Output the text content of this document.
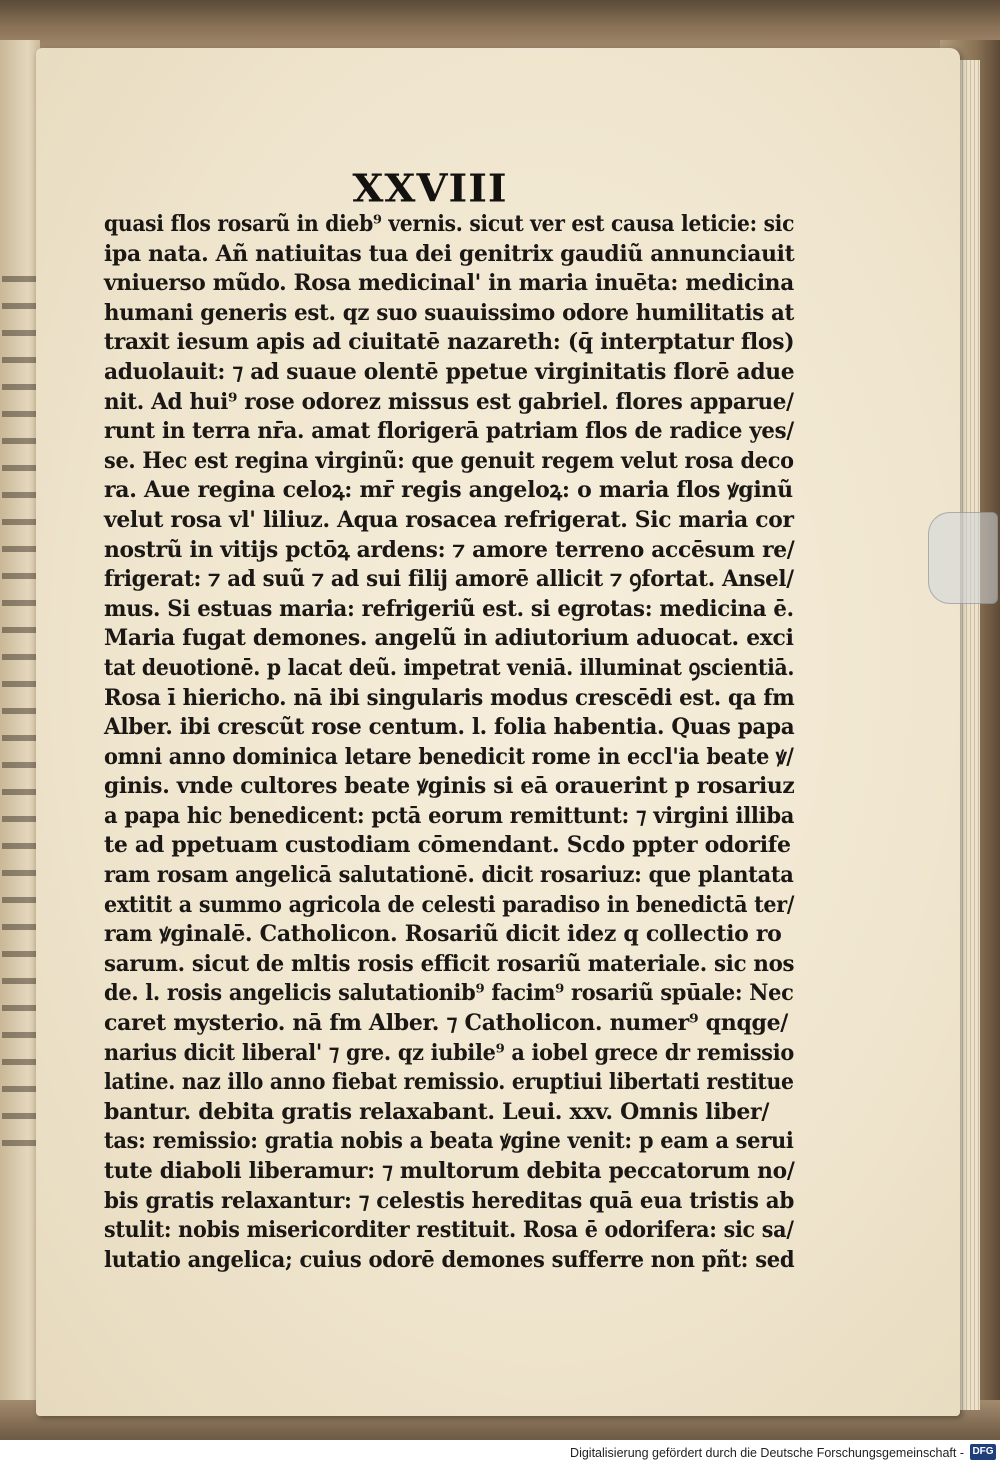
XXVIII
quasi flos rosarũ in dieb⁹ vernis. sicut ver est causa leticie: sic
ipa nata. Añ natiuitas tua dei genitrix gaudiũ annunciauit
vniuerso mũdo. Rosa medicinal' in maria inuēta: medicina
humani generis est. qz suo suauissimo odore humilitatis at
traxit iesum apis ad ciuitatē nazareth: (q̄ interptatur flos)
aduolauit: ⁊ ad suaue olentē ppetue virginitatis florē adue
nit. Ad hui⁹ rose odorez missus est gabriel. flores apparue/
runt in terra nr̄a. amat florigerā patriam flos de radice yes/
se. Hec est regina virginũ: que genuit regem velut rosa deco
ra. Aue regina celoꝝ: mr̄ regis angeloꝝ: o maria flos ꝟginũ
velut rosa vl' liliuz. Aqua rosacea refrigerat. Sic maria cor
nostrũ in vitijs pctōꝝ ardens: ⁊ amore terreno accēsum re/
frigerat: ⁊ ad suũ ⁊ ad sui filij amorē allicit ⁊ ꝯfortat. Ansel/
mus. Si estuas maria: refrigeriũ est. si egrotas: medicina ē.
Maria fugat demones. angelũ in adiutorium aduocat. exci
tat deuotionē. p lacat deũ. impetrat veniā. illuminat ꝯscientiā.
Rosa ī hiericho. nā ibi singularis modus crescēdi est. qa fm
Alber. ibi crescũt rose centum. l. folia habentia. Quas papa
omni anno dominica letare benedicit rome in eccl'ia beate ꝟ/
ginis. vnde cultores beate ꝟginis si eā orauerint p rosariuz
a papa hic benedicent: pctā eorum remittunt: ⁊ virgini illiba
te ad ppetuam custodiam cōmendant. Scdo ppter odorife
ram rosam angelicā salutationē. dicit rosariuz: que plantata
extitit a summo agricola de celesti paradiso in benedictā ter/
ram ꝟginalē. Catholicon. Rosariũ dicit idez q collectio ro
sarum. sicut de mltis rosis efficit rosariũ materiale. sic nos
de. l. rosis angelicis salutationib⁹ facim⁹ rosariũ spūale: Nec
caret mysterio. nā fm Alber. ⁊ Catholicon. numer⁹ qnqge/
narius dicit liberal' ⁊ gre. qz iubile⁹ a iobel grece dr remissio
latine. naz illo anno fiebat remissio. eruptiui libertati restitue
bantur. debita gratis relaxabant. Leui. xxv. Omnis liber/
tas: remissio: gratia nobis a beata ꝟgine venit: p eam a serui
tute diaboli liberamur: ⁊ multorum debita peccatorum no/
bis gratis relaxantur: ⁊ celestis hereditas quā eua tristis ab
stulit: nobis misericorditer restituit. Rosa ē odorifera: sic sa/
lutatio angelica; cuius odorē demones sufferre non pñt: sed
Digitalisierung gefördert durch die Deutsche Forschungsgemeinschaft - DFG
